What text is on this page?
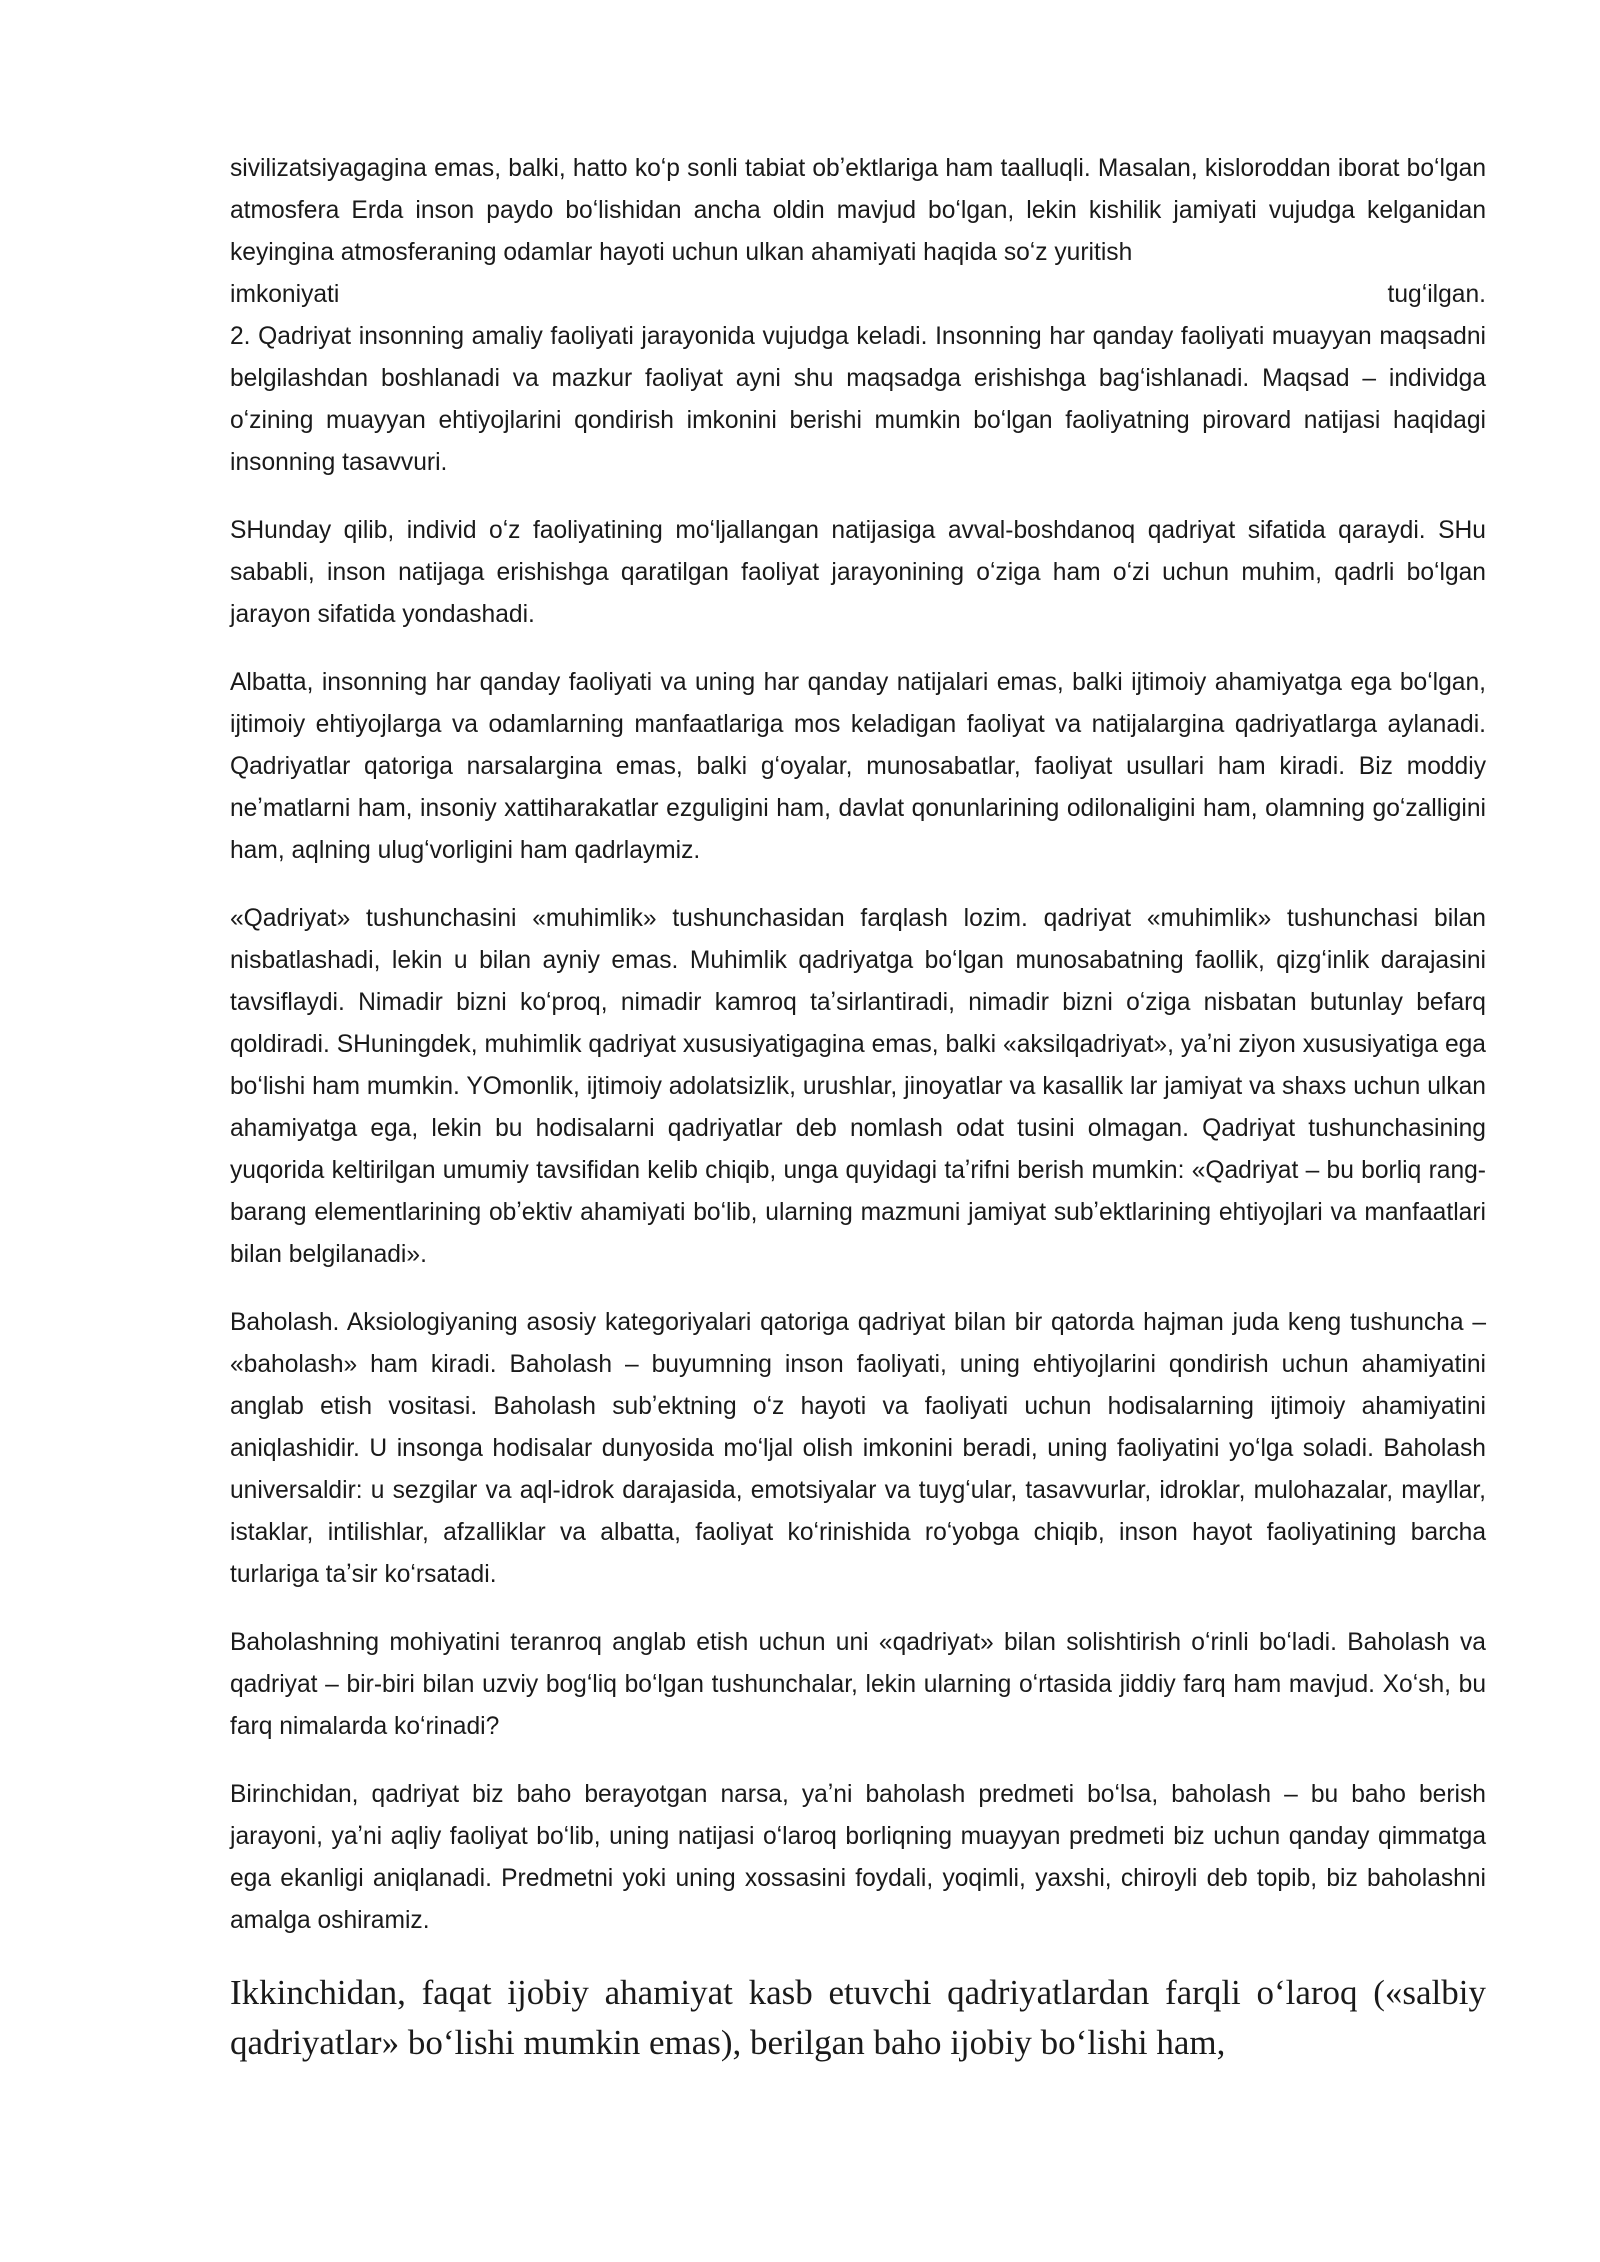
sivilizatsiyagagina emas, balki, hatto koʻp sonli tabiat obʼektlariga ham taalluqli. Masalan, kisloroddan iborat boʻlgan atmosfera Erda inson paydo boʻlishidan ancha oldin mavjud boʻlgan, lekin kishilik jamiyati vujudga kelganidan keyingina atmosferaning odamlar hayoti uchun ulkan ahamiyati haqida soʻz yuritish

imkoniyati	tugʻilgan.

2. Qadriyat insonning amaliy faoliyati jarayonida vujudga keladi. Insonning har qanday faoliyati muayyan maqsadni belgilashdan boshlanadi va mazkur faoliyat ayni shu maqsadga erishishga bagʻishlanadi. Maqsad – individga oʻzining muayyan ehtiyojlarini qondirish imkonini berishi mumkin boʻlgan faoliyatning pirovard natijasi haqidagi insonning tasavvuri.

SHunday qilib, individ oʻz faoliyatining moʻljallangan natijasiga avval-boshdanoq qadriyat sifatida qaraydi. SHu sababli, inson natijaga erishishga qaratilgan faoliyat jarayonining oʻziga ham oʻzi uchun muhim, qadrli boʻlgan jarayon sifatida yondashadi.

Albatta, insonning har qanday faoliyati va uning har qanday natijalari emas, balki ijtimoiy ahamiyatga ega boʻlgan, ijtimoiy ehtiyojlarga va odamlarning manfaatlariga mos keladigan faoliyat va natijalargina qadriyatlarga aylanadi. Qadriyatlar qatoriga narsalargina emas, balki gʻoyalar, munosabatlar, faoliyat usullari ham kiradi. Biz moddiy neʼmatlarni ham, insoniy xattiharakatlar ezguligini ham, davlat qonunlarining odilonaligini ham, olamning goʻzalligini ham, aqlning ulugʻvorligini ham qadrlaymiz.

«Qadriyat» tushunchasini «muhimlik» tushunchasidan farqlash lozim. qadriyat «muhimlik» tushunchasi bilan nisbatlashadi, lekin u bilan ayniy emas. Muhimlik qadriyatga boʻlgan munosabatning faollik, qizgʻinlik darajasini tavsiflaydi. Nimadir bizni koʻproq, nimadir kamroq taʼsirlantiradi, nimadir bizni oʻziga nisbatan butunlay befarq qoldiradi. SHuningdek, muhimlik qadriyat xususiyatigagina emas, balki «aksilqadriyat», yaʼni ziyon xususiyatiga ega boʻlishi ham mumkin. YOmonlik, ijtimoiy adolatsizlik, urushlar, jinoyatlar va kasallik lar jamiyat va shaxs uchun ulkan ahamiyatga ega, lekin bu hodisalarni qadriyatlar deb nomlash odat tusini olmagan. Qadriyat tushunchasining yuqorida keltirilgan umumiy tavsifidan kelib chiqib, unga quyidagi taʼrifni berish mumkin: «Qadriyat – bu borliq rang-barang elementlarining obʼektiv ahamiyati boʻlib, ularning mazmuni jamiyat subʼektlarining ehtiyojlari va manfaatlari bilan belgilanadi».

Baholash. Aksiologiyaning asosiy kategoriyalari qatoriga qadriyat bilan bir qatorda hajman juda keng tushuncha – «baholash» ham kiradi. Baholash – buyumning inson faoliyati, uning ehtiyojlarini qondirish uchun ahamiyatini anglab etish vositasi. Baholash subʼektning oʻz hayoti va faoliyati uchun hodisalarning ijtimoiy ahamiyatini aniqlashidir. U insonga hodisalar dunyosida moʻljal olish imkonini beradi, uning faoliyatini yoʻlga soladi. Baholash universaldir: u sezgilar va aql-idrok darajasida, emotsiyalar va tuygʻular, tasavvurlar, idroklar, mulohazalar, mayllar, istaklar, intilishlar, afzalliklar va albatta, faoliyat koʻrinishida roʻyobga chiqib, inson hayot faoliyatining barcha turlariga taʼsir koʻrsatadi.

Baholashning mohiyatini teranroq anglab etish uchun uni «qadriyat» bilan solishtirish oʻrinli boʻladi. Baholash va qadriyat – bir-biri bilan uzviy bogʻliq boʻlgan tushunchalar, lekin ularning oʻrtasida jiddiy farq ham mavjud. Xoʻsh, bu farq nimalarda koʻrinadi?

Birinchidan, qadriyat biz baho berayotgan narsa, yaʼni baholash predmeti boʻlsa, baholash – bu baho berish jarayoni, yaʼni aqliy faoliyat boʻlib, uning natijasi oʻlaroq borliqning muayyan predmeti biz uchun qanday qimmatga ega ekanligi aniqlanadi. Predmetni yoki uning xossasini foydali, yoqimli, yaxshi, chiroyli deb topib, biz baholashni amalga oshiramiz.

Ikkinchidan, faqat ijobiy ahamiyat kasb etuvchi qadriyatlardan farqli oʻlaroq («salbiy qadriyatlar» boʻlishi mumkin emas), berilgan baho ijobiy boʻlishi ham,
